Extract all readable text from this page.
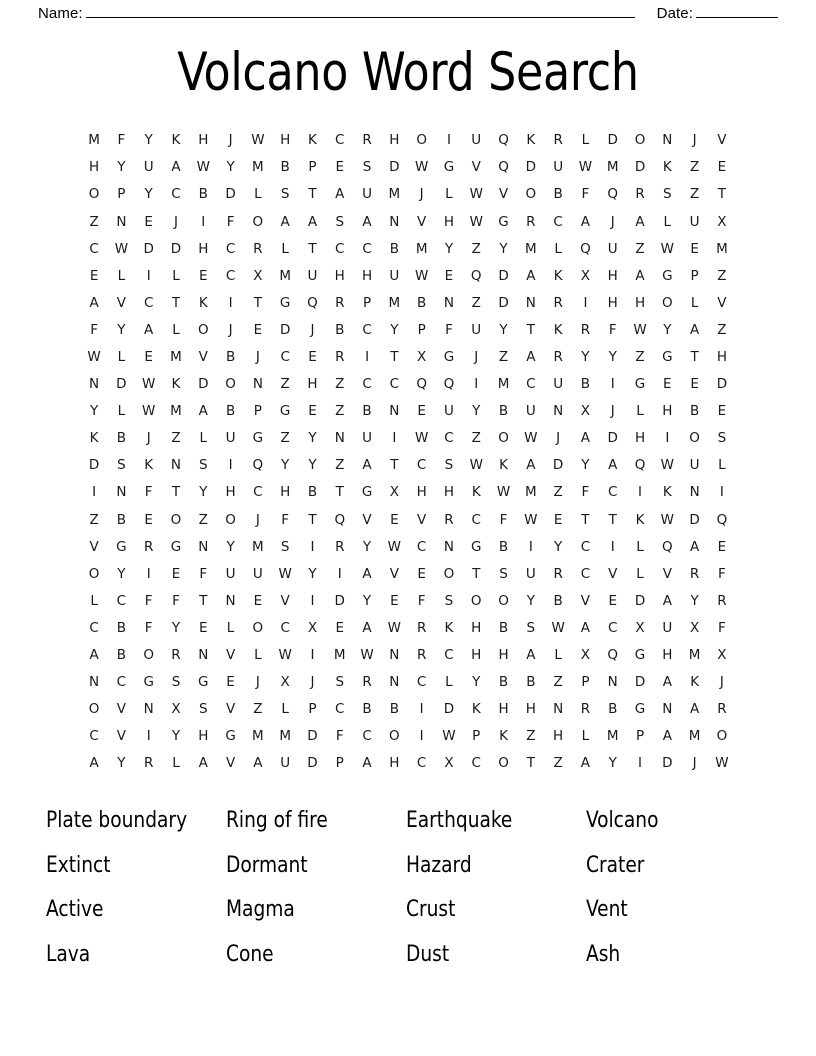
Name:	Date:
Volcano Word Search
M	F	Y	K	H	J	W	H	K	C	R	H	O	I	U	Q	K	R	L	D	O	N	J	V
H	Y	U	A	W	Y	M	B	P	E	S	D	W	G	V	Q	D	U	W	M	D	K	Z	E
O	P	Y	C	B	D	L	S	T	A	U	M	J	L	W	V	O	B	F	Q	R	S	Z	T
Z	N	E	J	I	F	O	A	A	S	A	N	V	H	W	G	R	C	A	J	A	L	U	X
C	W	D	D	H	C	R	L	T	C	C	B	M	Y	Z	Y	M	L	Q	U	Z	W	E	M
E	L	I	L	E	C	X	M	U	H	H	U	W	E	Q	D	A	K	X	H	A	G	P	Z
A	V	C	T	K	I	T	G	Q	R	P	M	B	N	Z	D	N	R	I	H	H	O	L	V
F	Y	A	L	O	J	E	D	J	B	C	Y	P	F	U	Y	T	K	R	F	W	Y	A	Z
W	L	E	M	V	B	J	C	E	R	I	T	X	G	J	Z	A	R	Y	Y	Z	G	T	H
N	D	W	K	D	O	N	Z	H	Z	C	C	Q	Q	I	M	C	U	B	I	G	E	E	D
Y	L	W	M	A	B	P	G	E	Z	B	N	E	U	Y	B	U	N	X	J	L	H	B	E
K	B	J	Z	L	U	G	Z	Y	N	U	I	W	C	Z	O	W	J	A	D	H	I	O	S
D	S	K	N	S	I	Q	Y	Y	Z	A	T	C	S	W	K	A	D	Y	A	Q	W	U	L
I	N	F	T	Y	H	C	H	B	T	G	X	H	H	K	W	M	Z	F	C	I	K	N	I
Z	B	E	O	Z	O	J	F	T	Q	V	E	V	R	C	F	W	E	T	T	K	W	D	Q
V	G	R	G	N	Y	M	S	I	R	Y	W	C	N	G	B	I	Y	C	I	L	Q	A	E
O	Y	I	E	F	U	U	W	Y	I	A	V	E	O	T	S	U	R	C	V	L	V	R	F
L	C	F	F	T	N	E	V	I	D	Y	E	F	S	O	O	Y	B	V	E	D	A	Y	R
C	B	F	Y	E	L	O	C	X	E	A	W	R	K	H	B	S	W	A	C	X	U	X	F
A	B	O	R	N	V	L	W	I	M	W	N	R	C	H	H	A	L	X	Q	G	H	M	X
N	C	G	S	G	E	J	X	J	S	R	N	C	L	Y	B	B	Z	P	N	D	A	K	J
O	V	N	X	S	V	Z	L	P	C	B	B	I	D	K	H	H	N	R	B	G	N	A	R
C	V	I	Y	H	G	M	M	D	F	C	O	I	W	P	K	Z	H	L	M	P	A	M	O
A	Y	R	L	A	V	A	U	D	P	A	H	C	X	C	O	T	Z	A	Y	I	D	J	W
Plate boundary	Ring of fire	Earthquake	Volcano
Extinct	Dormant	Hazard	Crater
Active	Magma	Crust	Vent
Lava	Cone	Dust	Ash
